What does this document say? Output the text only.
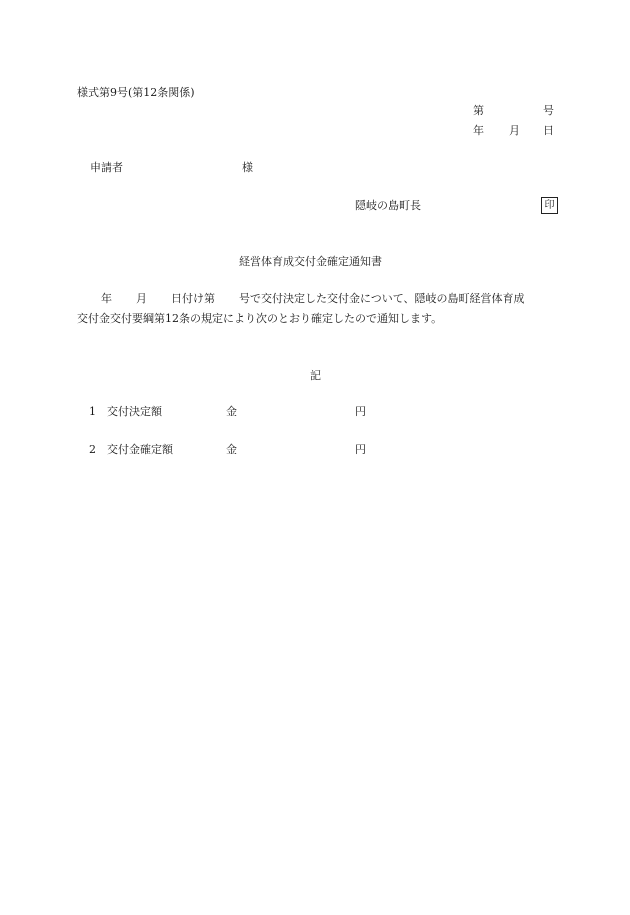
様式第9号(第12条関係)
第	号
年 月 日
申請者	様
隠岐の島町長	印
経営体育成交付金確定通知書
年 月 日付け第 号で交付決定した交付金について、隠岐の島町経営体育成
交付金交付要綱第12条の規定により次のとおり確定したので通知します。
記
1 交付決定額	金	円
2 交付金確定額	金	円
